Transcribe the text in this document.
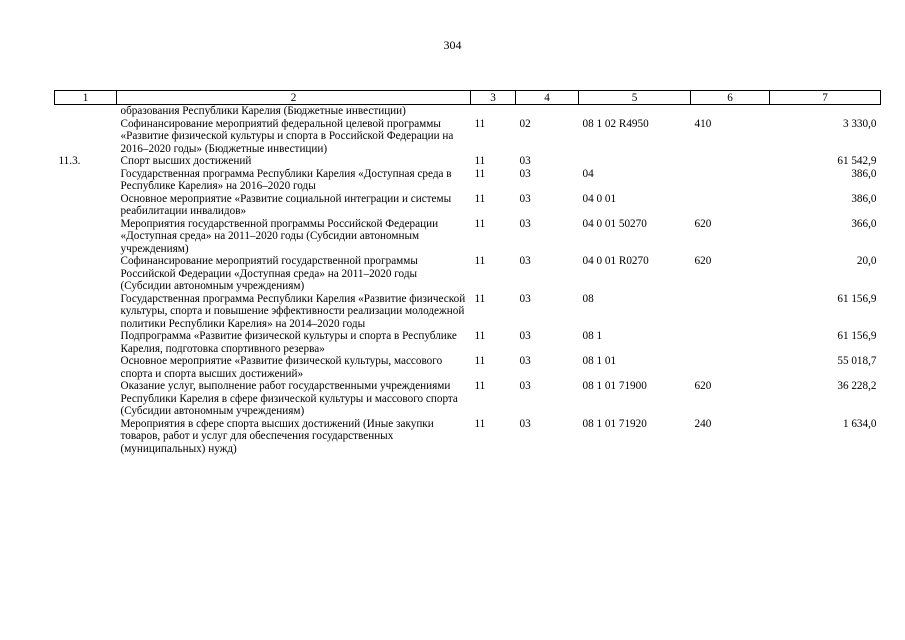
304
1	2	3	4	5	6	7
	образования Республики Карелия (Бюджетные инвестиции)					
	Софинансирование мероприятий федеральной целевой программы «Развитие физической культуры и спорта в Российской Федерации на 2016–2020 годы» (Бюджетные инвестиции)	11	02	08 1 02 R4950	410	3 330,0
11.3.	Спорт высших достижений	11	03			61 542,9
	Государственная программа Республики Карелия «Доступная среда в Республике Карелия» на 2016–2020 годы	11	03	04		386,0
	Основное мероприятие «Развитие социальной интеграции и системы реабилитации инвалидов»	11	03	04 0 01		386,0
	Мероприятия государственной программы Российской Федерации «Доступная среда» на 2011–2020 годы (Субсидии автономным учреждениям)	11	03	04 0 01 50270	620	366,0
	Софинансирование мероприятий государственной программы Российской Федерации «Доступная среда» на 2011–2020 годы (Субсидии автономным учреждениям)	11	03	04 0 01 R0270	620	20,0
	Государственная программа Республики Карелия «Развитие физической культуры, спорта и повышение эффективности реализации молодежной политики Республики Карелия» на 2014–2020 годы	11	03	08		61 156,9
	Подпрограмма «Развитие физической культуры и спорта в Республике Карелия, подготовка спортивного резерва»	11	03	08 1		61 156,9
	Основное мероприятие «Развитие физической культуры, массового спорта и спорта высших достижений»	11	03	08 1 01		55 018,7
	Оказание услуг, выполнение работ государственными учреждениями Республики Карелия в сфере физической культуры и массового спорта (Субсидии автономным учреждениям)	11	03	08 1 01 71900	620	36 228,2
	Мероприятия в сфере спорта высших достижений (Иные закупки товаров, работ и услуг для обеспечения государственных (муниципальных) нужд)	11	03	08 1 01 71920	240	1 634,0
